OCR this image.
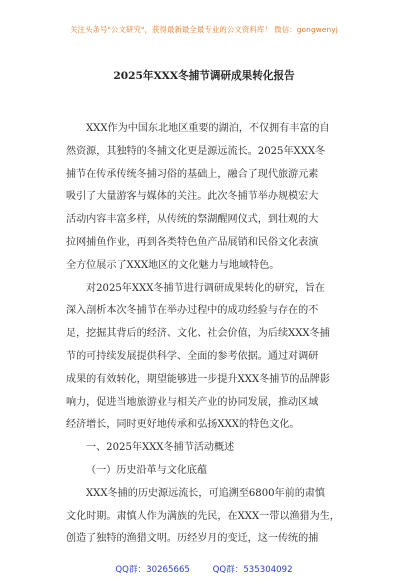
关注头条号"公文研究"，获得最新最全最专业的公文资料库！ 微信：gongwenyj
2025年XXX冬捕节调研成果转化报告
XXX作为中国东北地区重要的湖泊，不仅拥有丰富的自
然资源，其独特的冬捕文化更是源远流长。2025年XXX冬
捕节在传承传统冬捕习俗的基础上，融合了现代旅游元素
吸引了大量游客与媒体的关注。此次冬捕节举办规模宏大
活动内容丰富多样，从传统的祭湖醒网仪式，到壮观的大
拉网捕鱼作业，再到各类特色鱼产品展销和民俗文化表演
全方位展示了XXX地区的文化魅力与地域特色。
对2025年XXX冬捕节进行调研成果转化的研究，旨在
深入剖析本次冬捕节在举办过程中的成功经验与存在的不
足，挖掘其背后的经济、文化、社会价值，为后续XXX冬捕
节的可持续发展提供科学、全面的参考依据。通过对调研
成果的有效转化，期望能够进一步提升XXX冬捕节的品牌影
响力，促进当地旅游业与相关产业的协同发展，推动区域
经济增长，同时更好地传承和弘扬XXX的特色文化。
一、2025年XXX冬捕节活动概述
（一）历史沿革与文化底蕴
XXX冬捕的历史源远流长，可追溯至6800年前的肃慎
文化时期。肃慎人作为满族的先民，在XXX一带以渔猎为生，
创造了独特的渔猎文明。历经岁月的变迁，这一传统的捕
QQ群：30265665	QQ群：535304092
